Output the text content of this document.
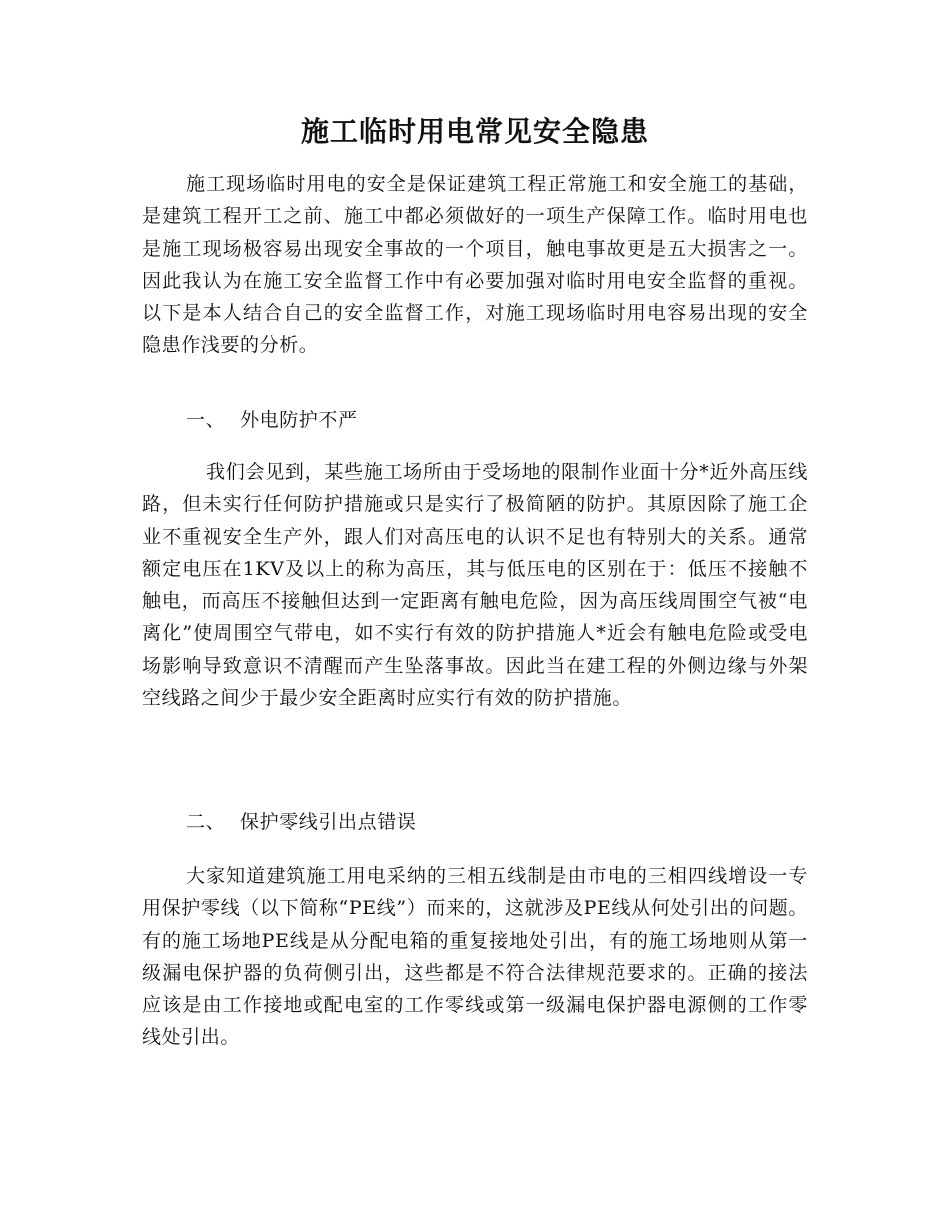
施工临时用电常见安全隐患

施工现场临时用电的安全是保证建筑工程正常施工和安全施工的基础，是建筑工程开工之前、施工中都必须做好的一项生产保障工作。临时用电也是施工现场极容易出现安全事故的一个项目，触电事故更是五大损害之一。因此我认为在施工安全监督工作中有必要加强对临时用电安全监督的重视。以下是本人结合自己的安全监督工作，对施工现场临时用电容易出现的安全隐患作浅要的分析。

一、 外电防护不严

我们会见到，某些施工场所由于受场地的限制作业面十分*近外高压线路，但未实行任何防护措施或只是实行了极简陋的防护。其原因除了施工企业不重视安全生产外，跟人们对高压电的认识不足也有特别大的关系。通常额定电压在1KV及以上的称为高压，其与低压电的区别在于：低压不接触不触电，而高压不接触但达到一定距离有触电危险，因为高压线周围空气被“电离化”使周围空气带电，如不实行有效的防护措施人*近会有触电危险或受电场影响导致意识不清醒而产生坠落事故。因此当在建工程的外侧边缘与外架空线路之间少于最少安全距离时应实行有效的防护措施。

二、 保护零线引出点错误

大家知道建筑施工用电采纳的三相五线制是由市电的三相四线增设一专用保护零线（以下简称“PE线”）而来的，这就涉及PE线从何处引出的问题。有的施工场地PE线是从分配电箱的重复接地处引出，有的施工场地则从第一级漏电保护器的负荷侧引出，这些都是不符合法律规范要求的。正确的接法应该是由工作接地或配电室的工作零线或第一级漏电保护器电源侧的工作零线处引出。
